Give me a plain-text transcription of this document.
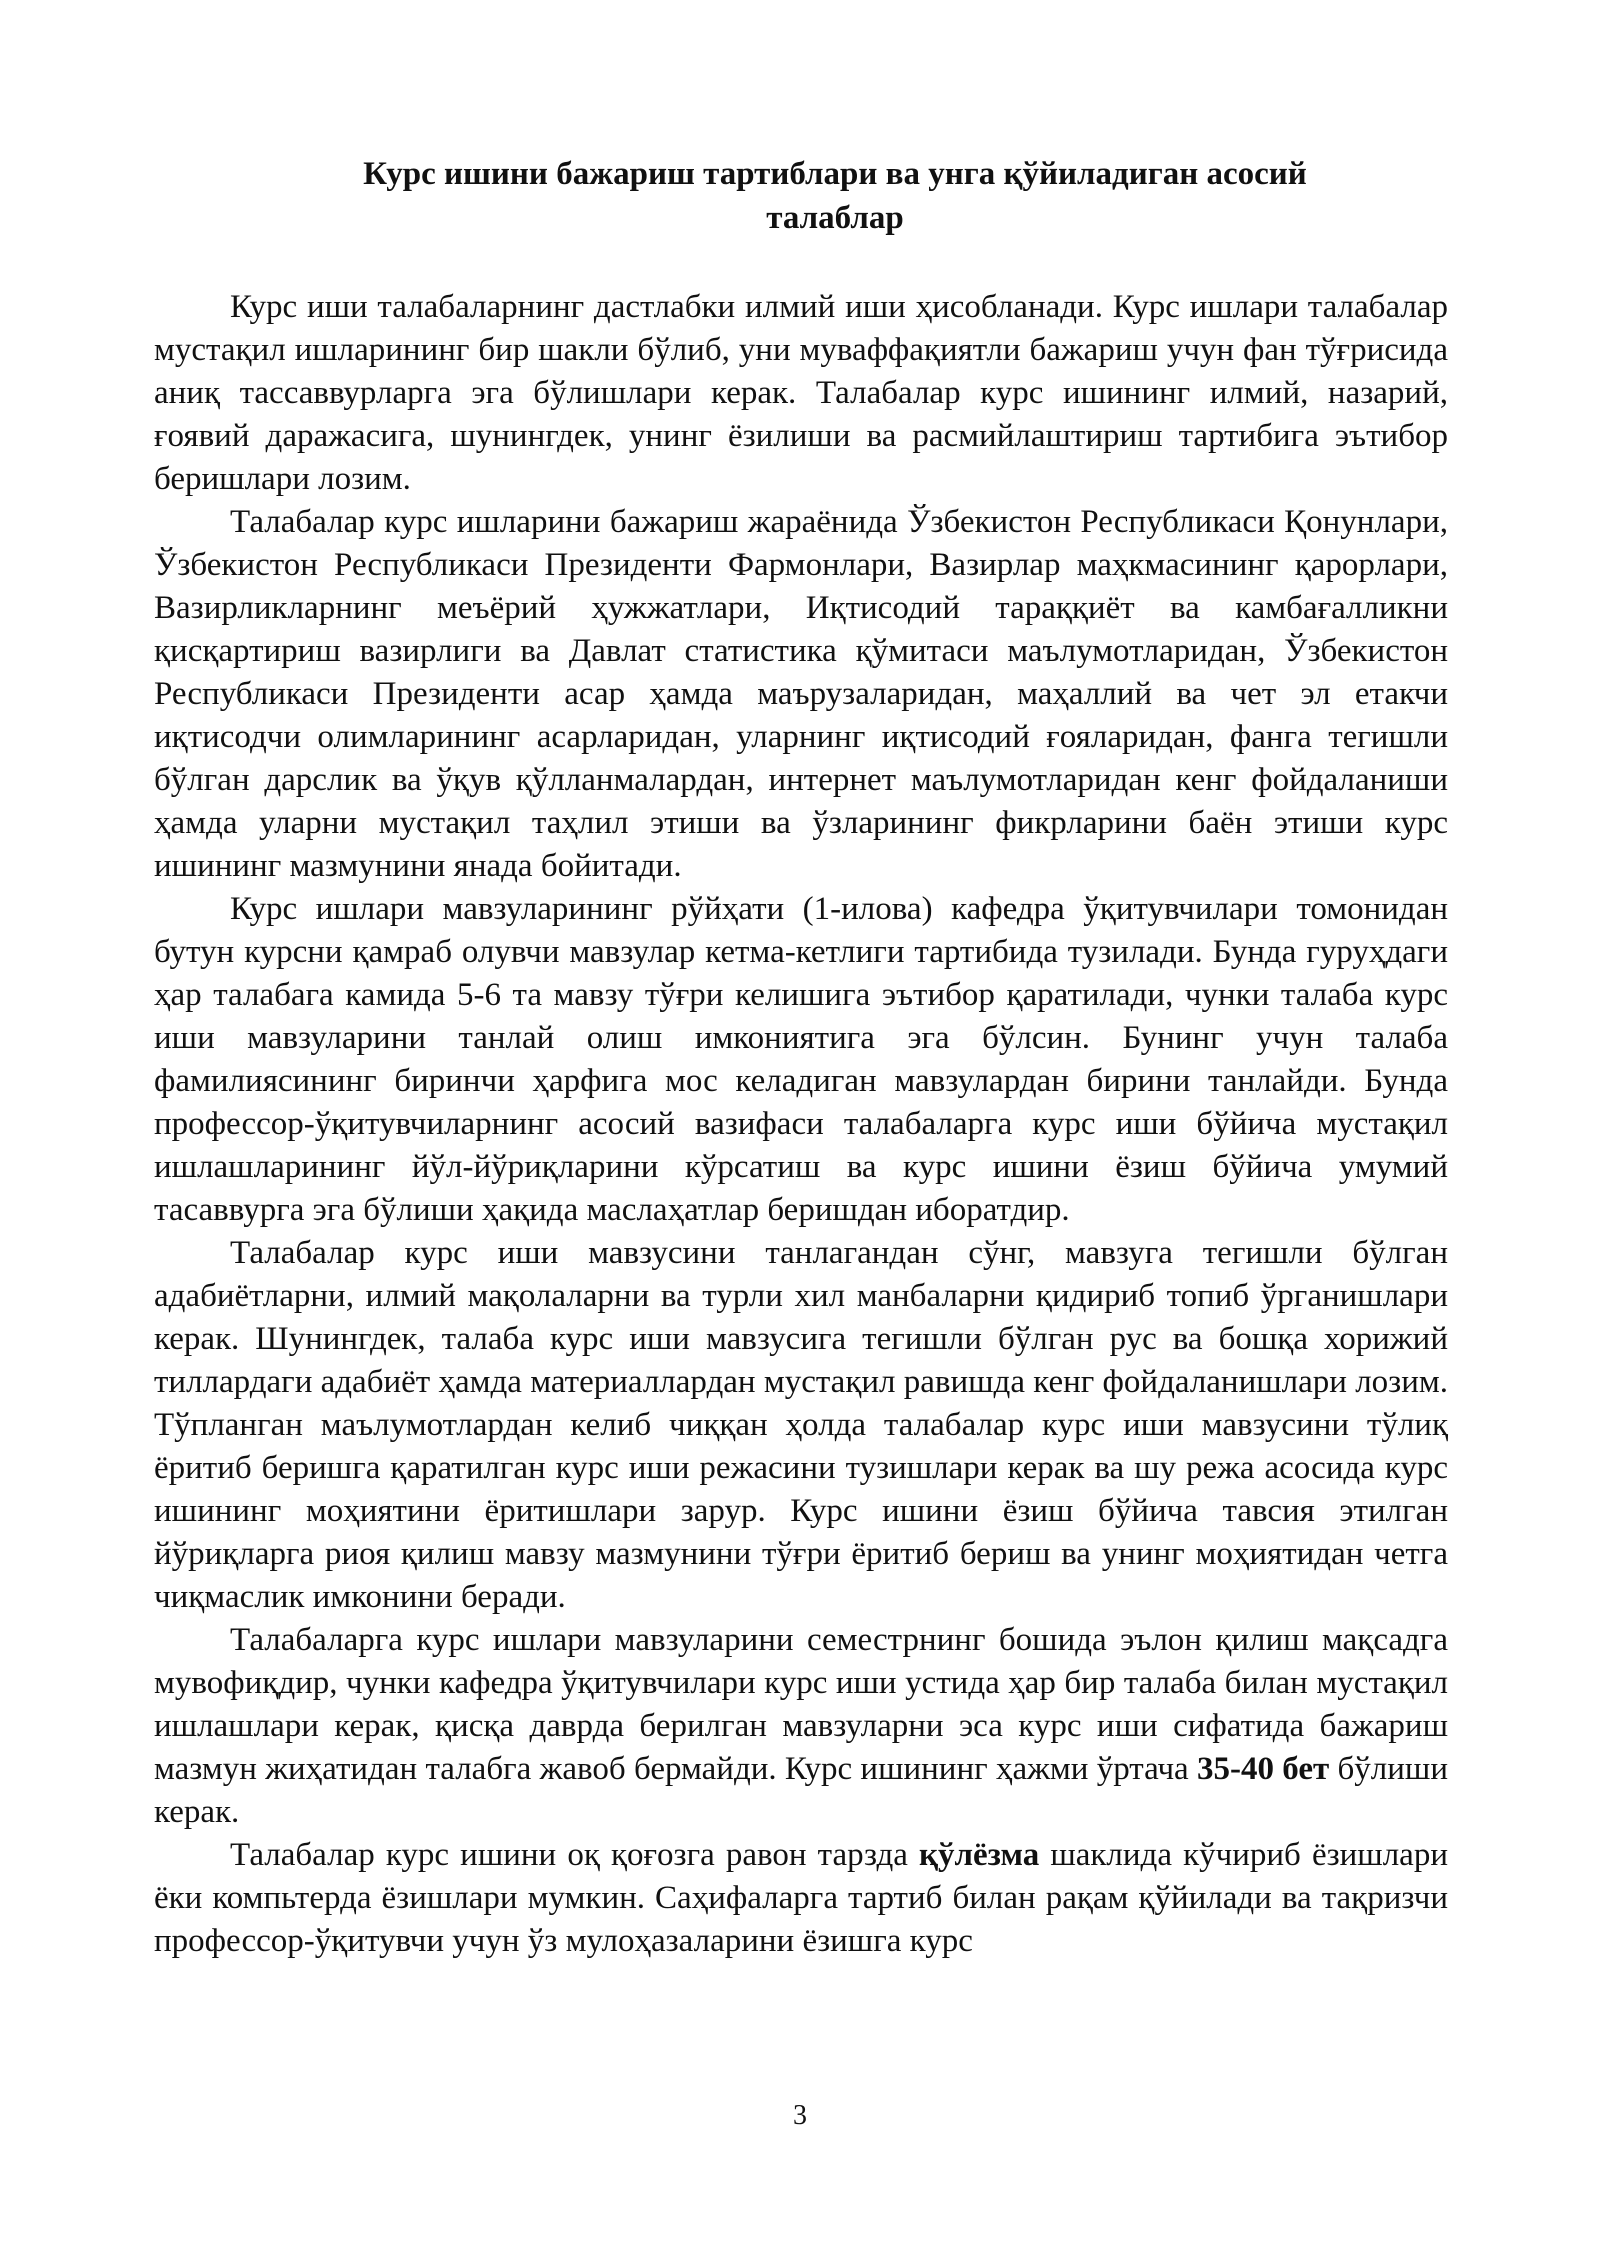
Курс ишини бажариш тартиблари ва унга қўйиладиган асосий
талаблар

Курс иши талабаларнинг дастлабки илмий иши ҳисобланади. Курс ишлари талабалар мустақил ишларининг бир шакли бўлиб, уни муваффақиятли бажариш учун фан тўғрисида аниқ тассаввурларга эга бўлишлари керак. Талабалар курс ишининг илмий, назарий, ғоявий даражасига, шунингдек, унинг ёзилиши ва расмийлаштириш тартибига эътибор беришлари лозим.

Талабалар курс ишларини бажариш жараёнида Ўзбекистон Республикаси Қонунлари, Ўзбекистон Республикаси Президенти Фармонлари, Вазирлар маҳкмасининг қарорлари, Вазирликларнинг меъёрий ҳужжатлари, Иқтисодий тараққиёт ва камбағалликни қисқартириш вазирлиги ва Давлат статистика қўмитаси маълумотларидан, Ўзбекистон Республикаси Президенти асар ҳамда маърузаларидан, маҳаллий ва чет эл етакчи иқтисодчи олимларининг асарларидан, уларнинг иқтисодий ғояларидан, фанга тегишли бўлган дарслик ва ўқув қўлланмалардан, интернет маълумотларидан кенг фойдаланиши ҳамда уларни мустақил таҳлил этиши ва ўзларининг фикрларини баён этиши курс ишининг мазмунини янада бойитади.

Курс ишлари мавзуларининг рўйҳати (1-илова) кафедра ўқитувчилари томонидан бутун курсни қамраб олувчи мавзулар кетма-кетлиги тартибида тузилади. Бунда гуруҳдаги ҳар талабага камида 5-6 та мавзу тўғри келишига эътибор қаратилади, чунки талаба курс иши мавзуларини танлай олиш имкониятига эга бўлсин. Бунинг учун талаба фамилиясининг биринчи ҳарфига мос келадиган мавзулардан бирини танлайди. Бунда профессор-ўқитувчиларнинг асосий вазифаси талабаларга курс иши бўйича мустақил ишлашларининг йўл-йўриқларини кўрсатиш ва курс ишини ёзиш бўйича умумий тасаввурга эга бўлиши ҳақида маслаҳатлар беришдан иборатдир.

Талабалар курс иши мавзусини танлагандан сўнг, мавзуга тегишли бўлган адабиётларни, илмий мақолаларни ва турли хил манбаларни қидириб топиб ўрганишлари керак. Шунингдек, талаба курс иши мавзусига тегишли бўлган рус ва бошқа хорижий тиллардаги адабиёт ҳамда материаллардан мустақил равишда кенг фойдаланишлари лозим. Тўпланган маълумотлардан келиб чиққан ҳолда талабалар курс иши мавзусини тўлиқ ёритиб беришга қаратилган курс иши режасини тузишлари керак ва шу режа асосида курс ишининг моҳиятини ёритишлари зарур. Курс ишини ёзиш бўйича тавсия этилган йўриқларга риоя қилиш мавзу мазмунини тўғри ёритиб бериш ва унинг моҳиятидан четга чиқмаслик имконини беради.

Талабаларга курс ишлари мавзуларини семестрнинг бошида эълон қилиш мақсадга мувофиқдир, чунки кафедра ўқитувчилари курс иши устида ҳар бир талаба билан мустақил ишлашлари керак, қисқа даврда берилган мавзуларни эса курс иши сифатида бажариш мазмун жиҳатидан талабга жавоб бермайди. Курс ишининг ҳажми ўртача 35-40 бет бўлиши керак.

Талабалар курс ишини оқ қоғозга равон тарзда қўлёзма шаклида кўчириб ёзишлари ёки компьтерда ёзишлари мумкин. Саҳифаларга тартиб билан рақам қўйилади ва тақризчи профессор-ўқитувчи учун ўз мулоҳазаларини ёзишга курс

3
